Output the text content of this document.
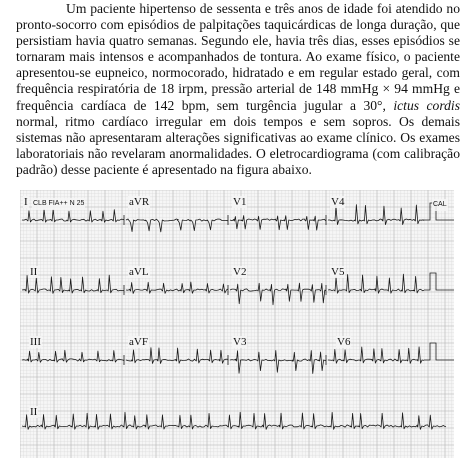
Um paciente hipertenso de sessenta e três anos de idade foi atendido no pronto-socorro com episódios de palpitações taquicárdicas de longa duração, que persistiam havia quatro semanas. Segundo ele, havia três dias, esses episódios se tornaram mais intensos e acompanhados de tontura. Ao exame físico, o paciente apresentou-se eupneico, normocorado, hidratado e em regular estado geral, com frequência respiratória de 18 irpm, pressão arterial de 148 mmHg × 94 mmHg e frequência cardíaca de 142 bpm, sem turgência jugular a 30°, ictus cordis normal, ritmo cardíaco irregular em dois tempos e sem sopros. Os demais sistemas não apresentaram alterações significativas ao exame clínico. Os exames laboratoriais não revelaram anormalidades. O eletrocardiograma (com calibração padrão) desse paciente é apresentado na figura abaixo.

I CLB FIA++ N 25	aVR	V1	V4	CAL
II	aVL	V2	V5
III	aVF	V3	V6
II
